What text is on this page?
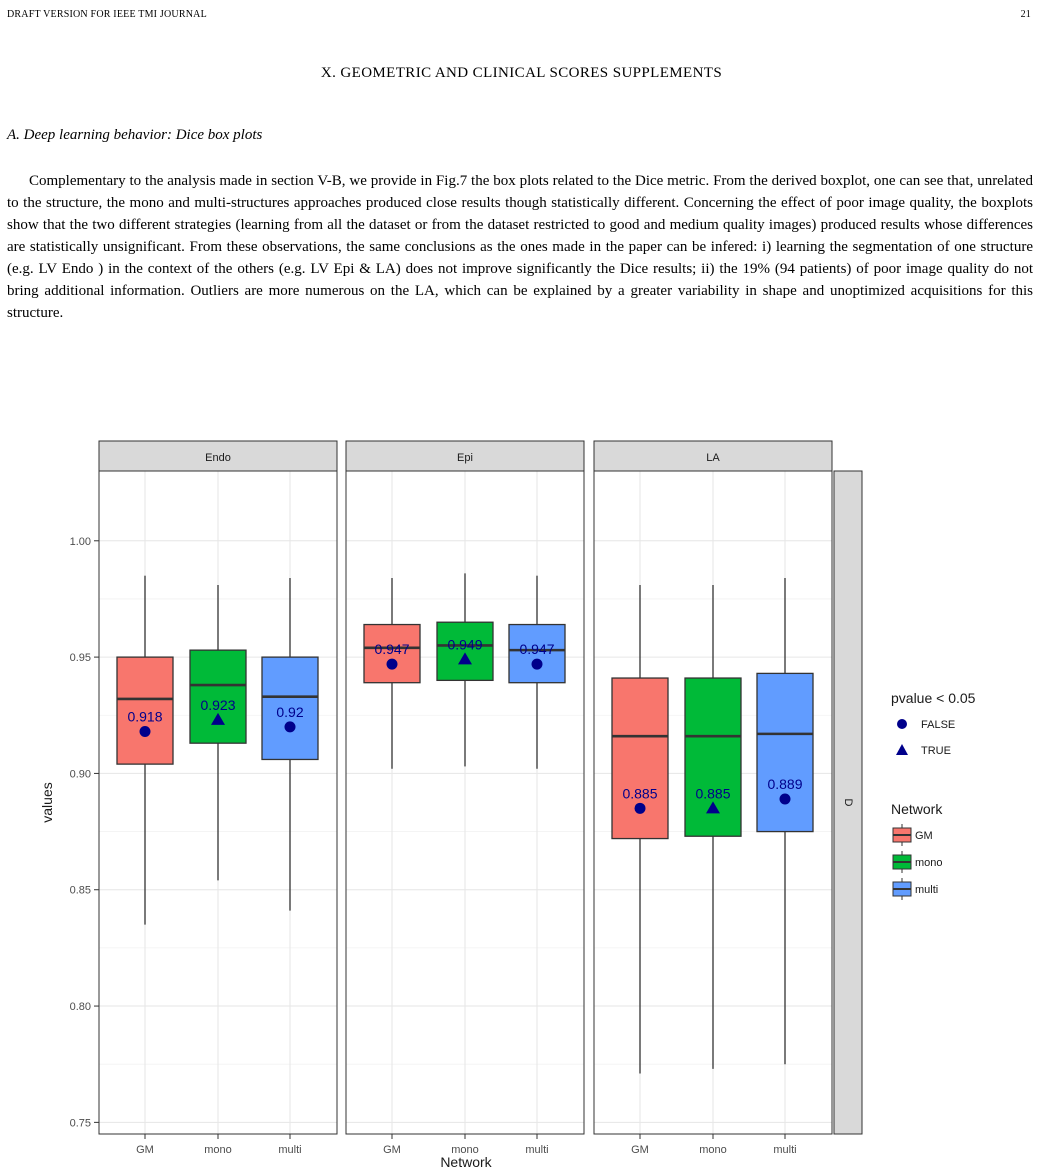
DRAFT VERSION FOR IEEE TMI JOURNAL	21
X. GEOMETRIC AND CLINICAL SCORES SUPPLEMENTS
A. Deep learning behavior: Dice box plots

Complementary to the analysis made in section V-B, we provide in Fig.7 the box plots related to the Dice metric. From the derived boxplot, one can see that, unrelated to the structure, the mono and multi-structures approaches produced close results though statistically different. Concerning the effect of poor image quality, the boxplots show that the two different strategies (learning from all the dataset or from the dataset restricted to good and medium quality images) produced results whose differences are statistically unsignificant. From these observations, the same conclusions as the ones made in the paper can be infered: i) learning the segmentation of one structure (e.g. LV Endo ) in the context of the others (e.g. LV Epi & LA) does not improve significantly the Dice results; ii) the 19% (94 patients) of poor image quality do not bring additional information. Outliers are more numerous on the LA, which can be explained by a greater variability in shape and unoptimized acquisitions for this structure.

Endo
0.918
0.923	0.92
Epi
0.947	0.949	0.947
LA
0.885	0.885
0.889
D
0.75
0.80
0.85
0.90
0.95
1.00
values
GM	mono	multi	GM	mono	multi	GM	mono	multi
Network
pvalue < 0.05
FALSE
TRUE
Network
GM
mono
multi
